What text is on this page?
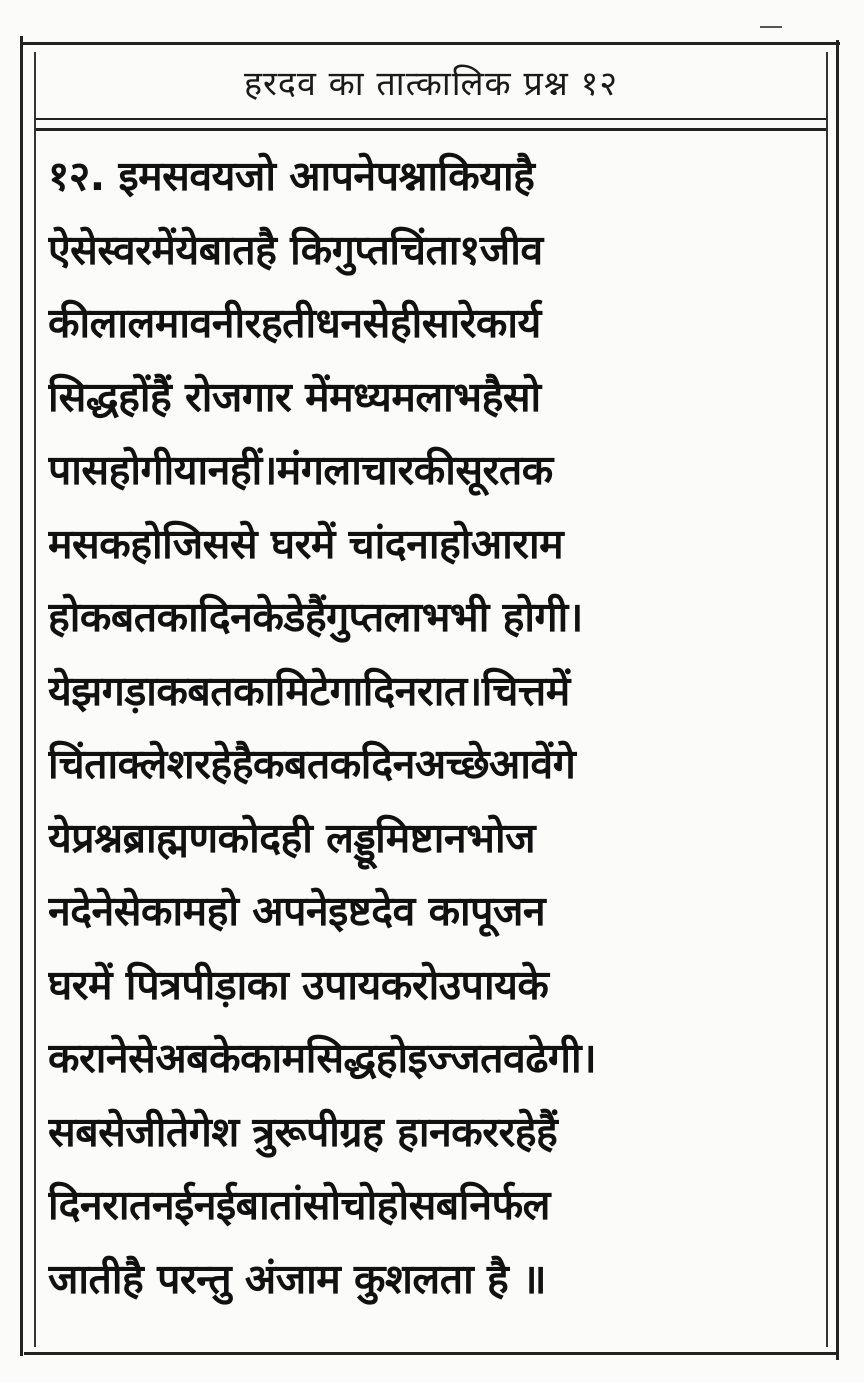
हरदव का तात्कालिक प्रश्न १२
१२. इमसवयजो आपनेपश्नाकियाहै
ऐसेस्वरमेंयेबातहै किगुप्तचिंता१जीव
कीलालमावनीरहतीधनसेहीसारेकार्य
सिद्धहोंहैं रोजगार मेंमध्यमलाभहैसो
पासहोगीयानहीं।मंगलाचारकीसूरतक
मसकहोजिससे घरमें चांदनाहोआराम
होकबतकादिनकेडेहैंगुप्तलाभभी होगी।
येझगड़ाकबतकामिटेगादिनरात।चित्तमें
चिंताक्लेशरहेहैकबतकदिनअच्छेआवेंगे
येप्रश्नब्राह्मणकोदही लड्डूमिष्टानभोज
नदेनेसेकामहो अपनेइष्टदेव कापूजन
घरमें पित्रपीड़ाका उपायकरोउपायके
करानेसेअबकेकामसिद्धहोइज्जतवढेगी।
सबसेजीतेगेश त्रुरूपीग्रह हानकररहेहैं
दिनरातनईनईबातांसोचोहोसबनिर्फल
जातीहै परन्तु अंजाम कुशलता है ॥
